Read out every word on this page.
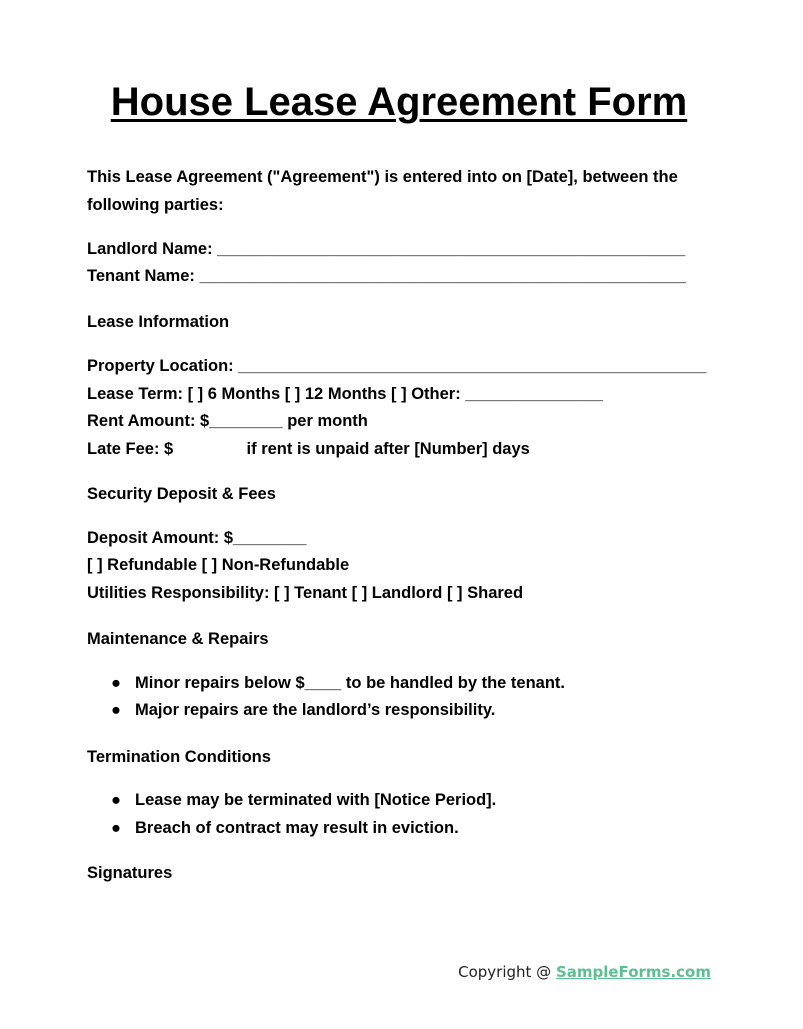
House Lease Agreement Form
This Lease Agreement ("Agreement") is entered into on [Date], between the
following parties:
Landlord Name: ___________________________________________________
Tenant Name: _____________________________________________________
Lease Information
Property Location: ___________________________________________________
Lease Term: [ ] 6 Months [ ] 12 Months [ ] Other: _______________
Rent Amount: $________ per month
Late Fee: $                if rent is unpaid after [Number] days
Security Deposit & Fees
Deposit Amount: $________
[ ] Refundable [ ] Non-Refundable
Utilities Responsibility: [ ] Tenant [ ] Landlord [ ] Shared
Maintenance & Repairs
● Minor repairs below $____ to be handled by the tenant.
● Major repairs are the landlord’s responsibility.
Termination Conditions
● Lease may be terminated with [Notice Period].
● Breach of contract may result in eviction.
Signatures
Copyright @ SampleForms.com
